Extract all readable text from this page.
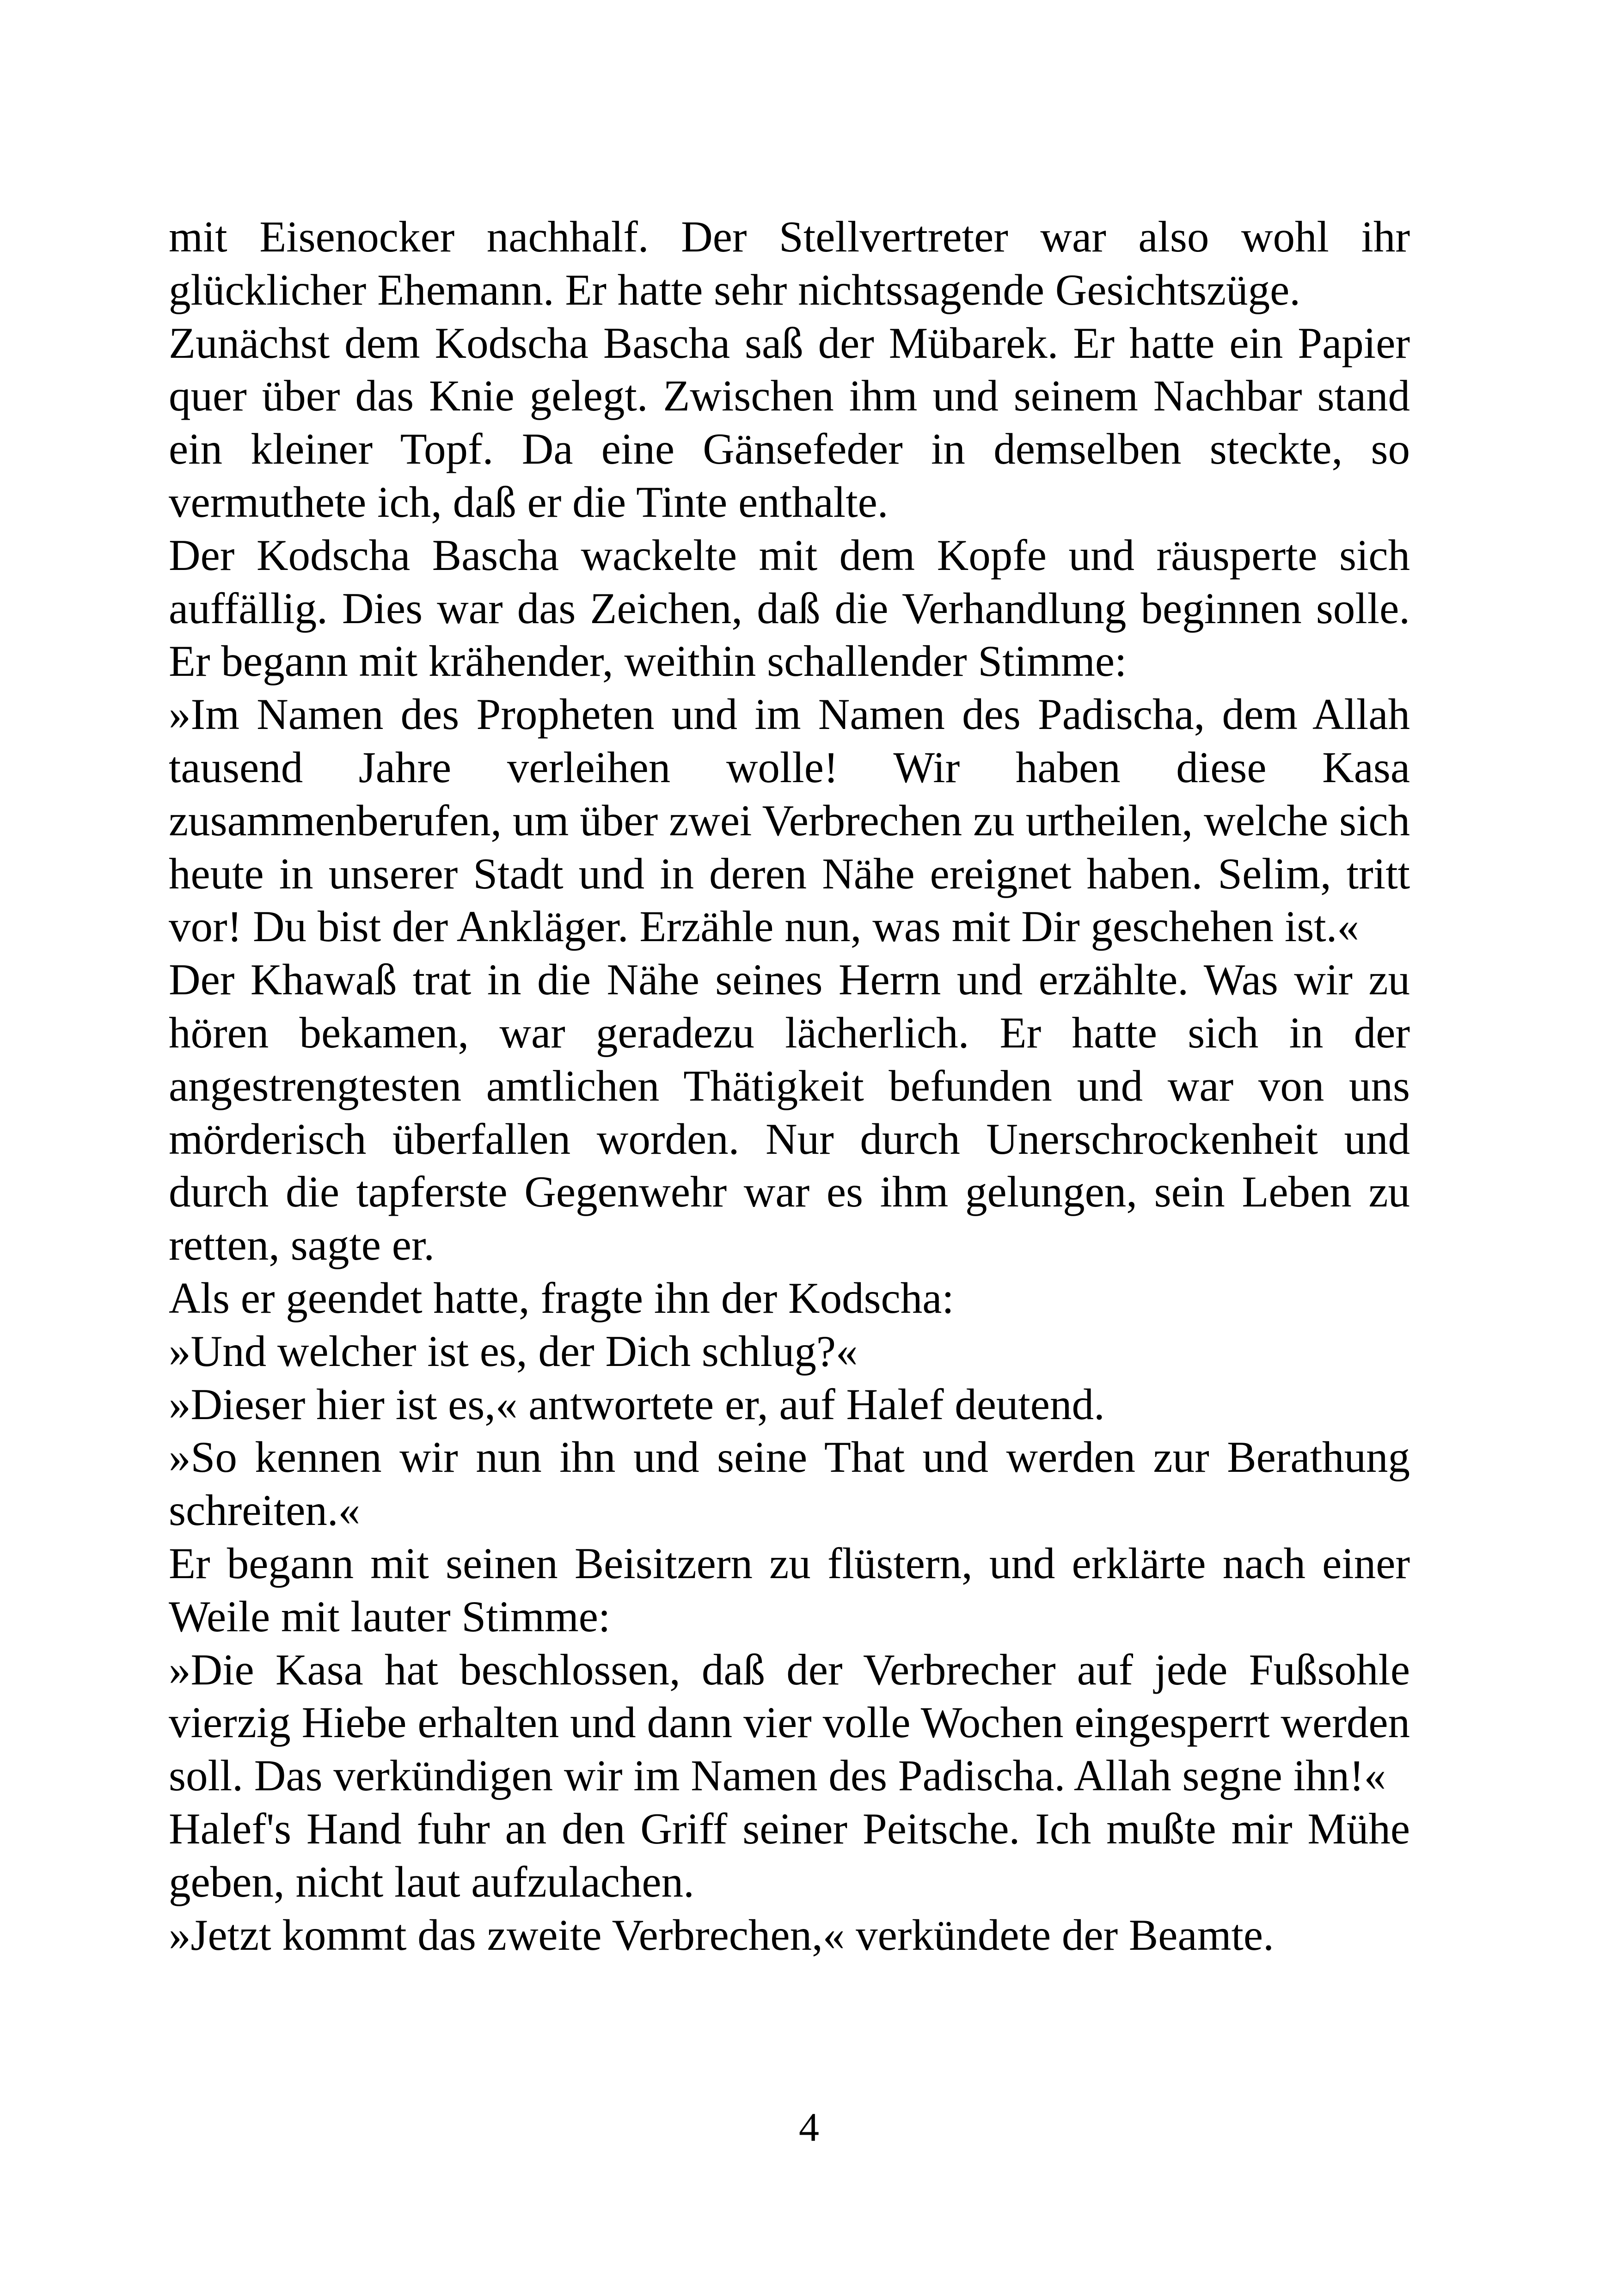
mit Eisenocker nachhalf. Der Stellvertreter war also wohl ihr glücklicher Ehemann. Er hatte sehr nichtssagende Gesichtszüge.

Zunächst dem Kodscha Bascha saß der Mübarek. Er hatte ein Papier quer über das Knie gelegt. Zwischen ihm und seinem Nachbar stand ein kleiner Topf. Da eine Gänsefeder in demselben steckte, so vermuthete ich, daß er die Tinte enthalte.

Der Kodscha Bascha wackelte mit dem Kopfe und räusperte sich auffällig. Dies war das Zeichen, daß die Verhandlung beginnen solle. Er begann mit krähender, weithin schallender Stimme:

»Im Namen des Propheten und im Namen des Padischa, dem Allah tausend Jahre verleihen wolle! Wir haben diese Kasa zusammenberufen, um über zwei Verbrechen zu urtheilen, welche sich heute in unserer Stadt und in deren Nähe ereignet haben. Selim, tritt vor! Du bist der Ankläger. Erzähle nun, was mit Dir geschehen ist.«

Der Khawaß trat in die Nähe seines Herrn und erzählte. Was wir zu hören bekamen, war geradezu lächerlich. Er hatte sich in der angestrengtesten amtlichen Thätigkeit befunden und war von uns mörderisch überfallen worden. Nur durch Unerschrockenheit und durch die tapferste Gegenwehr war es ihm gelungen, sein Leben zu retten, sagte er.

Als er geendet hatte, fragte ihn der Kodscha:

»Und welcher ist es, der Dich schlug?«

»Dieser hier ist es,« antwortete er, auf Halef deutend.

»So kennen wir nun ihn und seine That und werden zur Berathung schreiten.«

Er begann mit seinen Beisitzern zu flüstern, und erklärte nach einer Weile mit lauter Stimme:

»Die Kasa hat beschlossen, daß der Verbrecher auf jede Fußsohle vierzig Hiebe erhalten und dann vier volle Wochen eingesperrt werden soll. Das verkündigen wir im Namen des Padischa. Allah segne ihn!«

Halef's Hand fuhr an den Griff seiner Peitsche. Ich mußte mir Mühe geben, nicht laut aufzulachen.

»Jetzt kommt das zweite Verbrechen,« verkündete der Beamte.

4
